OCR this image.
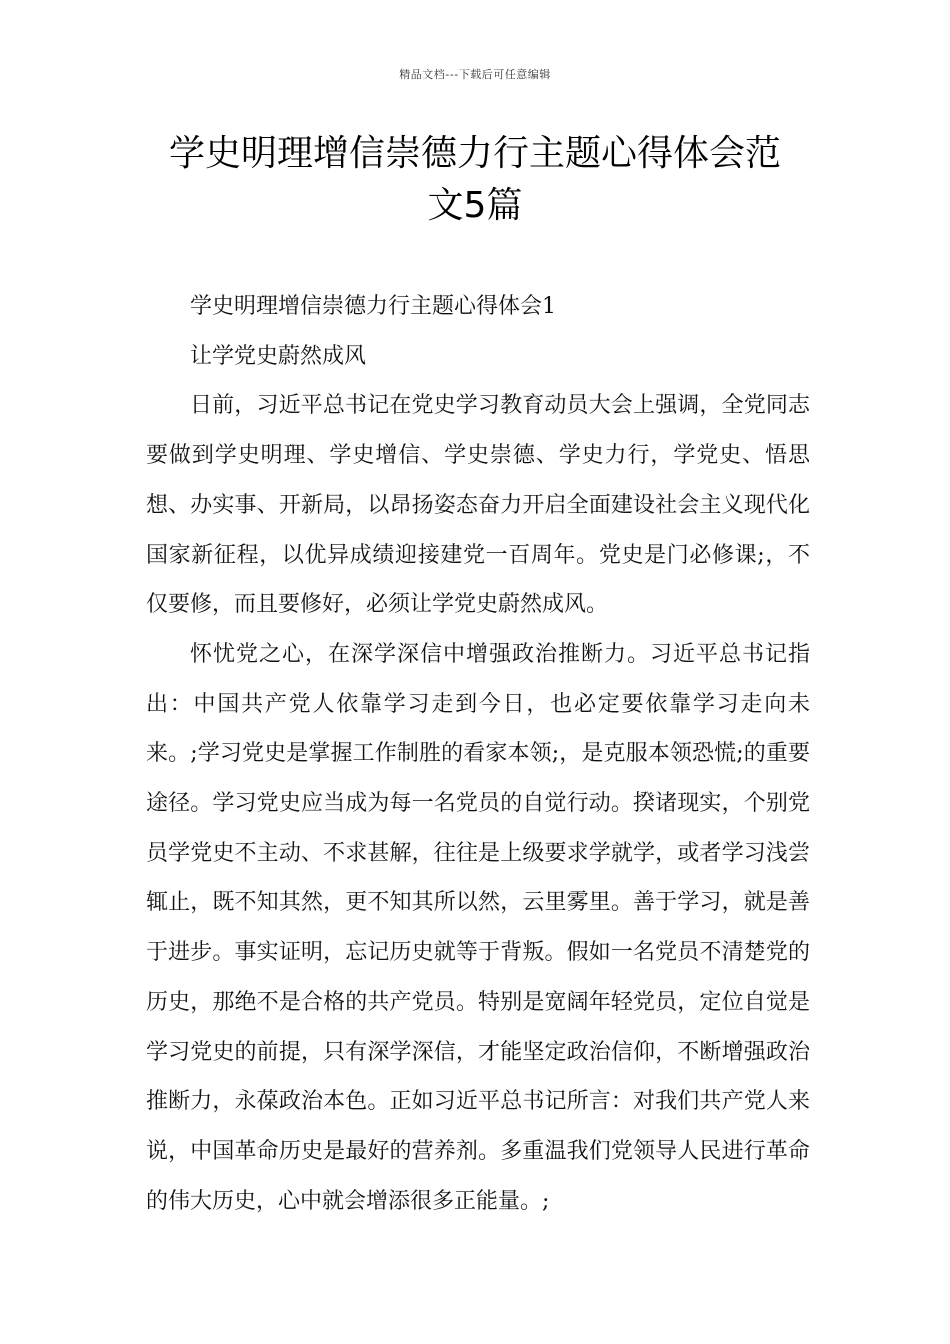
精品文档---下载后可任意编辑
学史明理增信崇德力行主题心得体会范
文5篇

学史明理增信崇德力行主题心得体会1

让学党史蔚然成风

日前，习近平总书记在党史学习教育动员大会上强调，全党同志要做到学史明理、学史增信、学史崇德、学史力行，学党史、悟思想、办实事、开新局，以昂扬姿态奋力开启全面建设社会主义现代化国家新征程，以优异成绩迎接建党一百周年。党史是门必修课;，不仅要修，而且要修好，必须让学党史蔚然成风。

怀忧党之心，在深学深信中增强政治推断力。习近平总书记指出：中国共产党人依靠学习走到今日，也必定要依靠学习走向未来。;学习党史是掌握工作制胜的看家本领;，是克服本领恐慌;的重要途径。学习党史应当成为每一名党员的自觉行动。揆诸现实，个别党员学党史不主动、不求甚解，往往是上级要求学就学，或者学习浅尝辄止，既不知其然，更不知其所以然，云里雾里。善于学习，就是善于进步。事实证明，忘记历史就等于背叛。假如一名党员不清楚党的历史，那绝不是合格的共产党员。特别是宽阔年轻党员，定位自觉是学习党史的前提，只有深学深信，才能坚定政治信仰，不断增强政治推断力，永葆政治本色。正如习近平总书记所言：对我们共产党人来说，中国革命历史是最好的营养剂。多重温我们党领导人民进行革命的伟大历史，心中就会增添很多正能量。;
